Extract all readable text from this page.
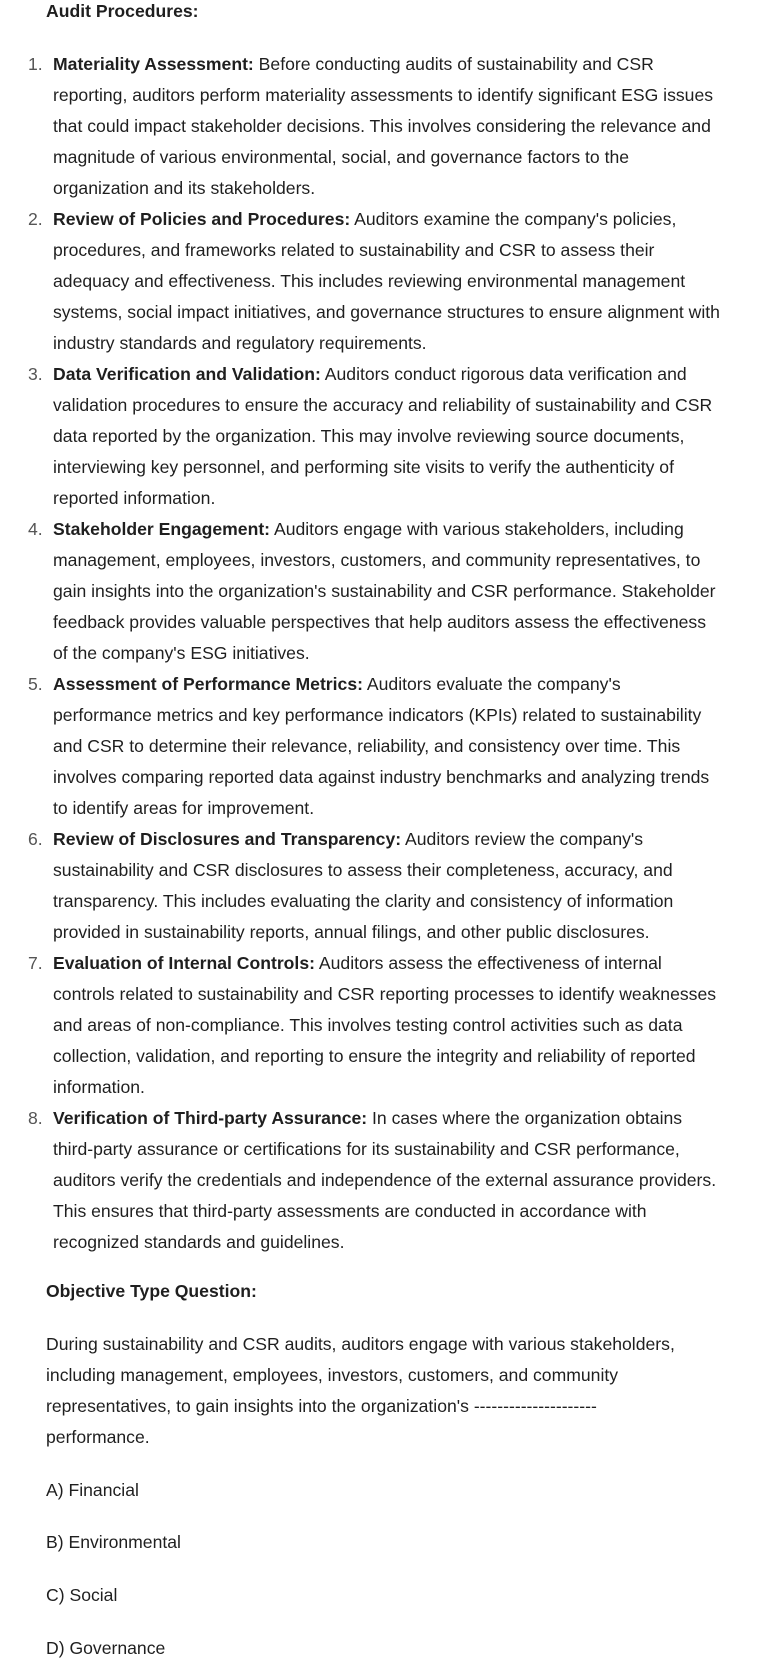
Audit Procedures:

1. Materiality Assessment: Before conducting audits of sustainability and CSR reporting, auditors perform materiality assessments to identify significant ESG issues that could impact stakeholder decisions. This involves considering the relevance and magnitude of various environmental, social, and governance factors to the organization and its stakeholders.
2. Review of Policies and Procedures: Auditors examine the company's policies, procedures, and frameworks related to sustainability and CSR to assess their adequacy and effectiveness. This includes reviewing environmental management systems, social impact initiatives, and governance structures to ensure alignment with industry standards and regulatory requirements.
3. Data Verification and Validation: Auditors conduct rigorous data verification and validation procedures to ensure the accuracy and reliability of sustainability and CSR data reported by the organization. This may involve reviewing source documents, interviewing key personnel, and performing site visits to verify the authenticity of reported information.
4. Stakeholder Engagement: Auditors engage with various stakeholders, including management, employees, investors, customers, and community representatives, to gain insights into the organization's sustainability and CSR performance. Stakeholder feedback provides valuable perspectives that help auditors assess the effectiveness of the company's ESG initiatives.
5. Assessment of Performance Metrics: Auditors evaluate the company's performance metrics and key performance indicators (KPIs) related to sustainability and CSR to determine their relevance, reliability, and consistency over time. This involves comparing reported data against industry benchmarks and analyzing trends to identify areas for improvement.
6. Review of Disclosures and Transparency: Auditors review the company's sustainability and CSR disclosures to assess their completeness, accuracy, and transparency. This includes evaluating the clarity and consistency of information provided in sustainability reports, annual filings, and other public disclosures.
7. Evaluation of Internal Controls: Auditors assess the effectiveness of internal controls related to sustainability and CSR reporting processes to identify weaknesses and areas of non-compliance. This involves testing control activities such as data collection, validation, and reporting to ensure the integrity and reliability of reported information.
8. Verification of Third-party Assurance: In cases where the organization obtains third-party assurance or certifications for its sustainability and CSR performance, auditors verify the credentials and independence of the external assurance providers. This ensures that third-party assessments are conducted in accordance with recognized standards and guidelines.

Objective Type Question:

During sustainability and CSR audits, auditors engage with various stakeholders, including management, employees, investors, customers, and community representatives, to gain insights into the organization's --------------------- performance.

A) Financial

B) Environmental

C) Social

D) Governance
